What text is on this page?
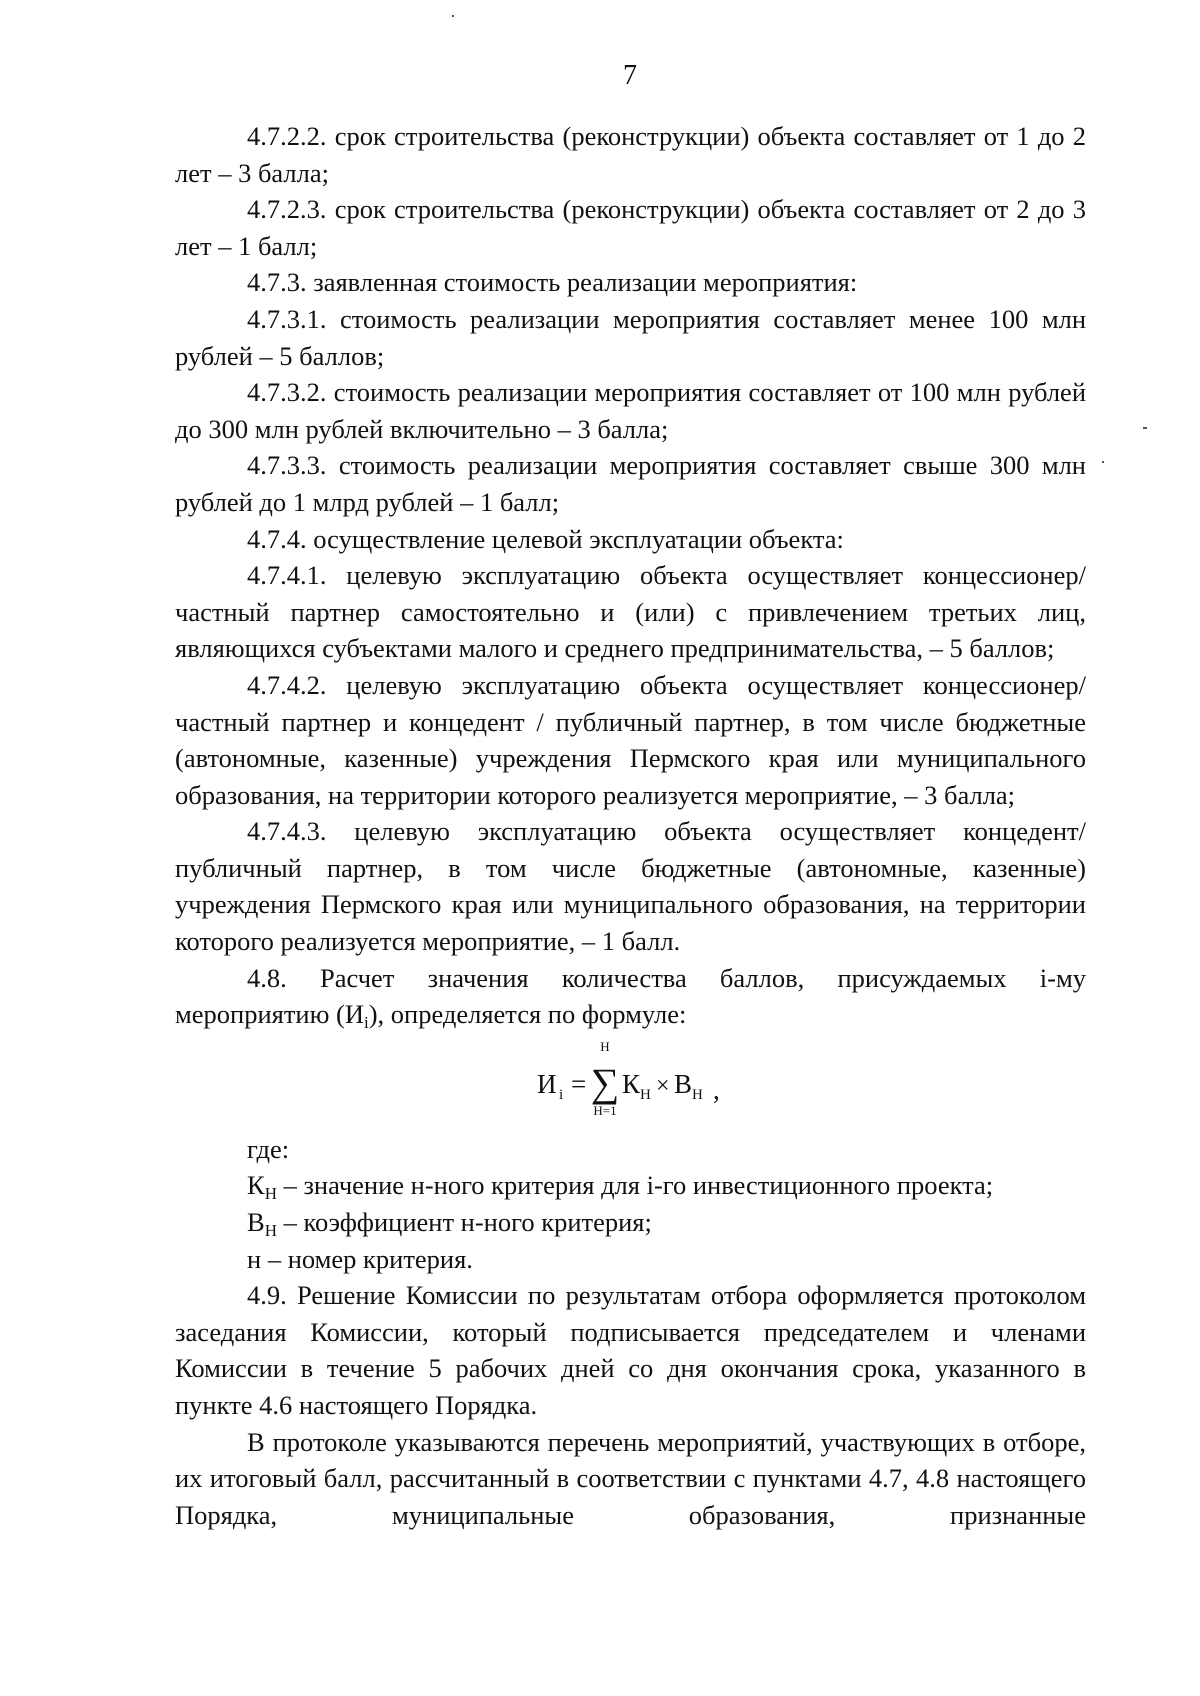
7

4.7.2.2. срок строительства (реконструкции) объекта составляет от 1 до 2 лет – 3 балла;

4.7.2.3. срок строительства (реконструкции) объекта составляет от 2 до 3 лет – 1 балл;

4.7.3. заявленная стоимость реализации мероприятия:

4.7.3.1. стоимость реализации мероприятия составляет менее 100 млн рублей – 5 баллов;

4.7.3.2. стоимость реализации мероприятия составляет от 100 млн рублей до 300 млн рублей включительно – 3 балла;

4.7.3.3. стоимость реализации мероприятия составляет свыше 300 млн рублей до 1 млрд рублей – 1 балл;

4.7.4. осуществление целевой эксплуатации объекта:

4.7.4.1. целевую эксплуатацию объекта осуществляет концессионер/ частный партнер самостоятельно и (или) с привлечением третьих лиц, являющихся субъектами малого и среднего предпринимательства, – 5 баллов;

4.7.4.2. целевую эксплуатацию объекта осуществляет концессионер/ частный партнер и концедент / публичный партнер, в том числе бюджетные (автономные, казенные) учреждения Пермского края или муниципального образования, на территории которого реализуется мероприятие, – 3 балла;

4.7.4.3. целевую эксплуатацию объекта осуществляет концедент/ публичный партнер, в том числе бюджетные (автономные, казенные) учреждения Пермского края или муниципального образования, на территории которого реализуется мероприятие, – 1 балл.

4.8. Расчет значения количества баллов, присуждаемых i-му мероприятию $(И_i)$, определяется по формуле:

И i =
Н
∑
Н=1
К Н × В Н ,

где:

$К_Н$ – значение н-ного критерия для i-го инвестиционного проекта;

$В_Н$ – коэффициент н-ного критерия;

н – номер критерия.

4.9. Решение Комиссии по результатам отбора оформляется протоколом заседания Комиссии, который подписывается председателем и членами Комиссии в течение 5 рабочих дней со дня окончания срока, указанного в пункте 4.6 настоящего Порядка.

В протоколе указываются перечень мероприятий, участвующих в отборе, их итоговый балл, рассчитанный в соответствии с пунктами 4.7, 4.8 настоящего Порядка, муниципальные образования, признанные
